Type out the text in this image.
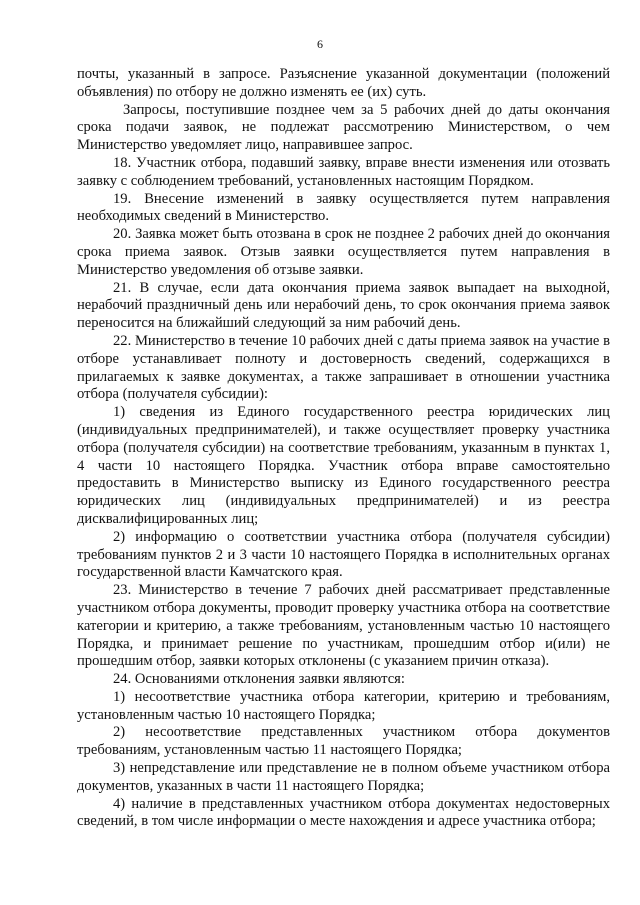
6

почты, указанный в запросе. Разъяснение указанной документации (положений объявления) по отбору не должно изменять ее (их) суть.

Запросы, поступившие позднее чем за 5 рабочих дней до даты окончания срока подачи заявок, не подлежат рассмотрению Министерством, о чем Министерство уведомляет лицо, направившее запрос.

18. Участник отбора, подавший заявку, вправе внести изменения или отозвать заявку с соблюдением требований, установленных настоящим Порядком.

19. Внесение изменений в заявку осуществляется путем направления необходимых сведений в Министерство.

20. Заявка может быть отозвана в срок не позднее 2 рабочих дней до окончания срока приема заявок. Отзыв заявки осуществляется путем направления в Министерство уведомления об отзыве заявки.

21. В случае, если дата окончания приема заявок выпадает на выходной, нерабочий праздничный день или нерабочий день, то срок окончания приема заявок переносится на ближайший следующий за ним рабочий день.

22. Министерство в течение 10 рабочих дней с даты приема заявок на участие в отборе устанавливает полноту и достоверность сведений, содержащихся в прилагаемых к заявке документах, а также запрашивает в отношении участника отбора (получателя субсидии):

1) сведения из Единого государственного реестра юридических лиц (индивидуальных предпринимателей), и также осуществляет проверку участника отбора (получателя субсидии) на соответствие требованиям, указанным в пунктах 1, 4 части 10 настоящего Порядка. Участник отбора вправе самостоятельно предоставить в Министерство выписку из Единого государственного реестра юридических лиц (индивидуальных предпринимателей) и из реестра дисквалифицированных лиц;

2) информацию о соответствии участника отбора (получателя субсидии) требованиям пунктов 2 и 3 части 10 настоящего Порядка в исполнительных органах государственной власти Камчатского края.

23. Министерство в течение 7 рабочих дней рассматривает представленные участником отбора документы, проводит проверку участника отбора на соответствие категории и критерию, а также требованиям, установленным частью 10 настоящего Порядка, и принимает решение по участникам, прошедшим отбор и(или) не прошедшим отбор, заявки которых отклонены (с указанием причин отказа).

24. Основаниями отклонения заявки являются:

1) несоответствие участника отбора категории, критерию и требованиям, установленным частью 10 настоящего Порядка;

2) несоответствие представленных участником отбора документов требованиям, установленным частью 11 настоящего Порядка;

3) непредставление или представление не в полном объеме участником отбора документов, указанных в части 11 настоящего Порядка;

4) наличие в представленных участником отбора документах недостоверных сведений, в том числе информации о месте нахождения и адресе участника отбора;
